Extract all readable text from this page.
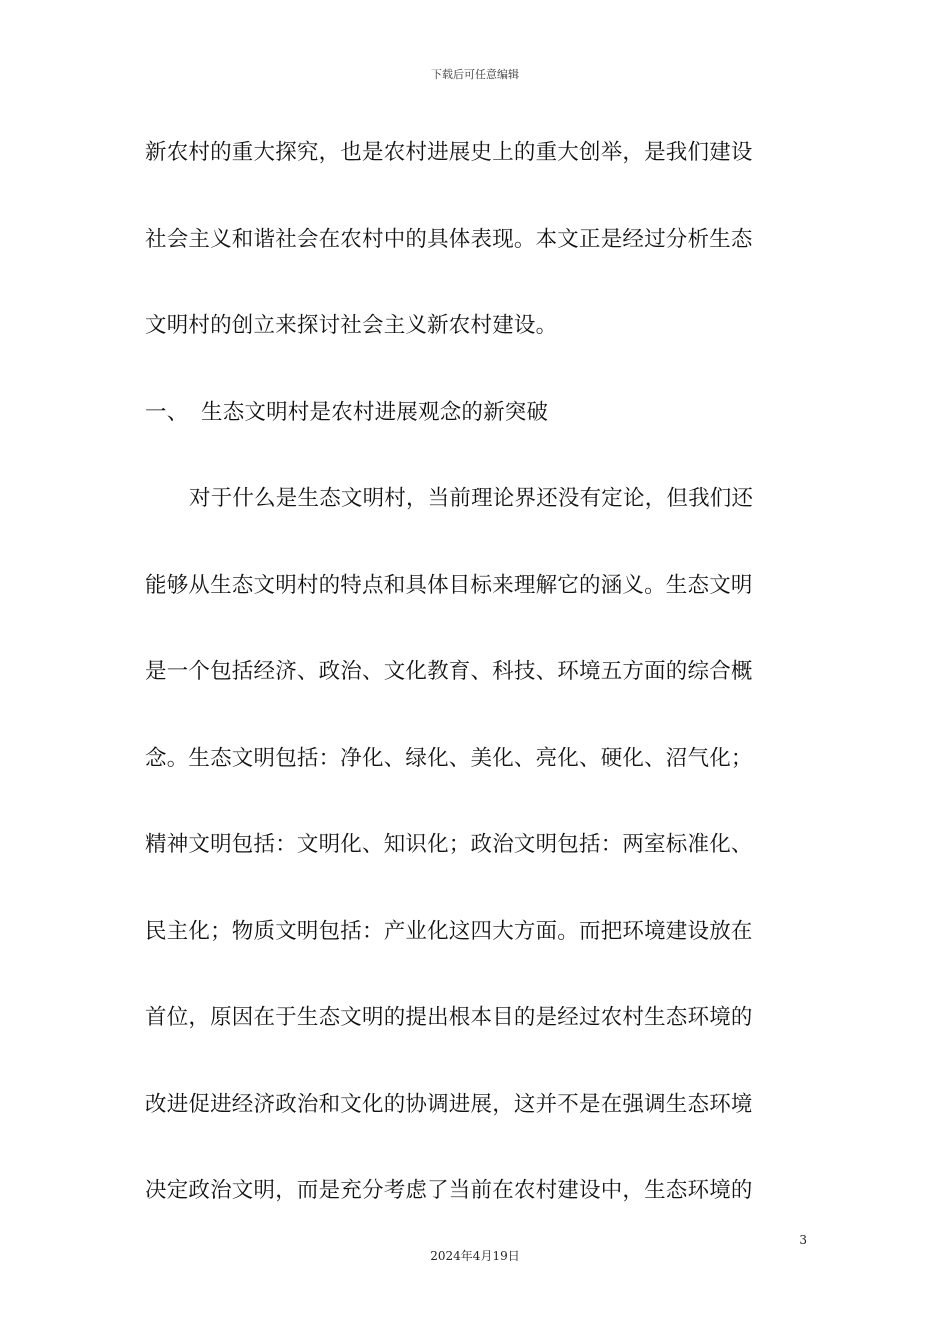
下载后可任意编辑
新农村的重大探究，也是农村进展史上的重大创举，是我们建设
社会主义和谐社会在农村中的具体表现。本文正是经过分析生态
文明村的创立来探讨社会主义新农村建设。
一、 生态文明村是农村进展观念的新突破
对于什么是生态文明村，当前理论界还没有定论，但我们还
能够从生态文明村的特点和具体目标来理解它的涵义。生态文明
是一个包括经济、政治、文化教育、科技、环境五方面的综合概
念。生态文明包括：净化、绿化、美化、亮化、硬化、沼气化；
精神文明包括：文明化、知识化；政治文明包括：两室标准化、
民主化；物质文明包括：产业化这四大方面。而把环境建设放在
首位，原因在于生态文明的提出根本目的是经过农村生态环境的
改进促进经济政治和文化的协调进展，这并不是在强调生态环境
决定政治文明，而是充分考虑了当前在农村建设中，生态环境的
3
2024年4月19日
